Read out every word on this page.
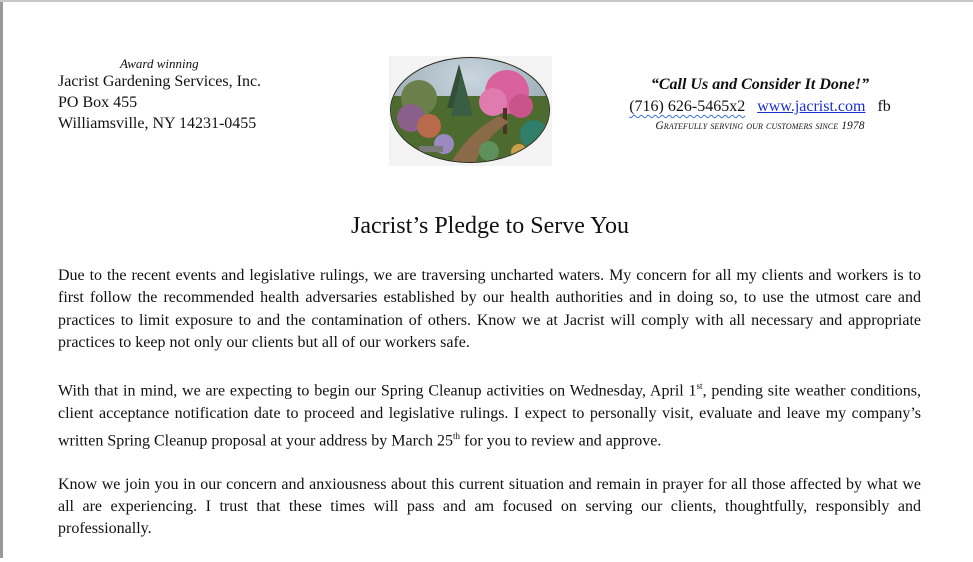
Award winning
Jacrist Gardening Services, Inc.
PO Box 455
Williamsville, NY 14231-0455
“Call Us and Consider It Done!”
(716) 626-5465x2 www.jacrist.com fb
Gratefully serving our customers since 1978
Jacrist’s Pledge to Serve You

Due to the recent events and legislative rulings, we are traversing uncharted waters. My concern for all my clients and workers is to first follow the recommended health adversaries established by our health authorities and in doing so, to use the utmost care and practices to limit exposure to and the contamination of others. Know we at Jacrist will comply with all necessary and appropriate practices to keep not only our clients but all of our workers safe.

With that in mind, we are expecting to begin our Spring Cleanup activities on Wednesday, April 1st, pending site weather conditions, client acceptance notification date to proceed and legislative rulings. I expect to personally visit, evaluate and leave my company’s written Spring Cleanup proposal at your address by March 25th for you to review and approve.

Know we join you in our concern and anxiousness about this current situation and remain in prayer for all those affected by what we all are experiencing. I trust that these times will pass and am focused on serving our clients, thoughtfully, responsibly and professionally.
